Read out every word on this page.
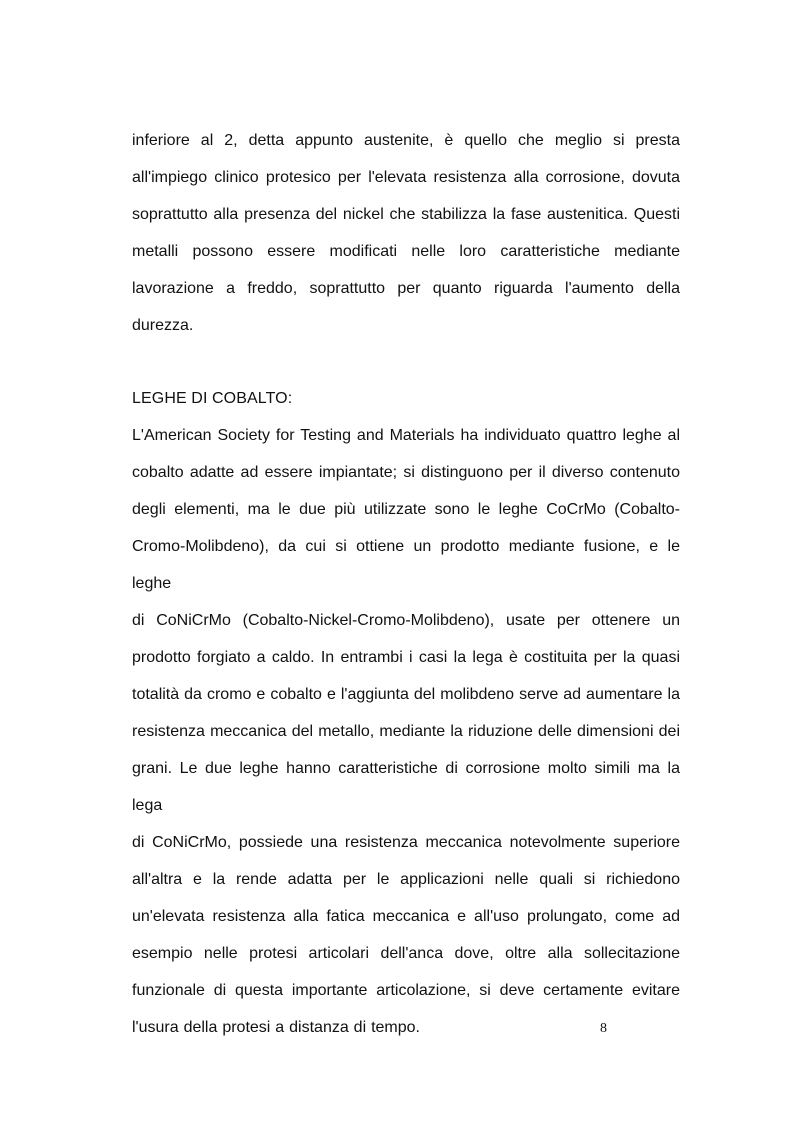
inferiore al 2, detta appunto austenite, è quello che meglio si presta
all'impiego clinico protesico per l'elevata resistenza alla corrosione, dovuta
soprattutto alla presenza del nickel che stabilizza la fase austenitica. Questi
metalli possono essere modificati nelle loro caratteristiche mediante
lavorazione a freddo, soprattutto per quanto riguarda l'aumento della
durezza.
LEGHE DI COBALTO:
L'American Society for Testing and Materials ha individuato quattro leghe al
cobalto adatte ad essere impiantate; si distinguono per il diverso contenuto
degli elementi, ma le due più utilizzate sono le leghe CoCrMo (Cobalto-
Cromo-Molibdeno), da cui si ottiene un prodotto mediante fusione, e le leghe
di CoNiCrMo (Cobalto-Nickel-Cromo-Molibdeno), usate per ottenere un
prodotto forgiato a caldo. In entrambi i casi la lega è costituita per la quasi
totalità da cromo e cobalto e l'aggiunta del molibdeno serve ad aumentare la
resistenza meccanica del metallo, mediante la riduzione delle dimensioni dei
grani. Le due leghe hanno caratteristiche di corrosione molto simili ma la lega
di CoNiCrMo, possiede una resistenza meccanica notevolmente superiore
all'altra e la rende adatta per le applicazioni nelle quali si richiedono
un'elevata resistenza alla fatica meccanica e all'uso prolungato, come ad
esempio nelle protesi articolari dell'anca dove, oltre alla sollecitazione
funzionale di questa importante articolazione, si deve certamente evitare
l'usura della protesi a distanza di tempo.	8
